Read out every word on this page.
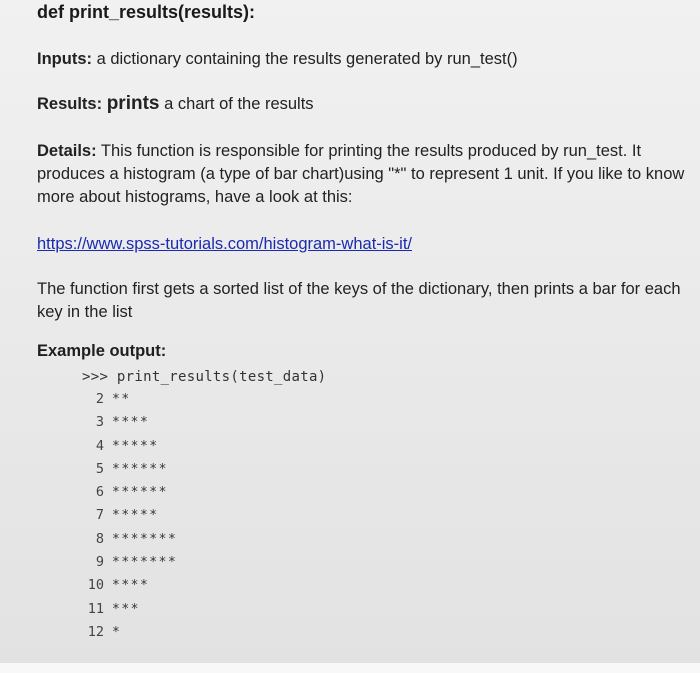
def print_results(results):
Inputs: a dictionary containing the results generated by run_test()
Results: prints a chart of the results
Details: This function is responsible for printing the results produced by run_test. It produces a histogram (a type of bar chart)using "*" to represent 1 unit. If you like to know more about histograms, have a look at this:
https://www.spss-tutorials.com/histogram-what-is-it/
The function first gets a sorted list of the keys of the dictionary, then prints a bar for each key in the list
Example output:
>>> print_results(test_data)
2 **
3 ****
4 *****
5 ******
6 ******
7 *****
8 *******
9 *******
10 ****
11 ***
12 *
